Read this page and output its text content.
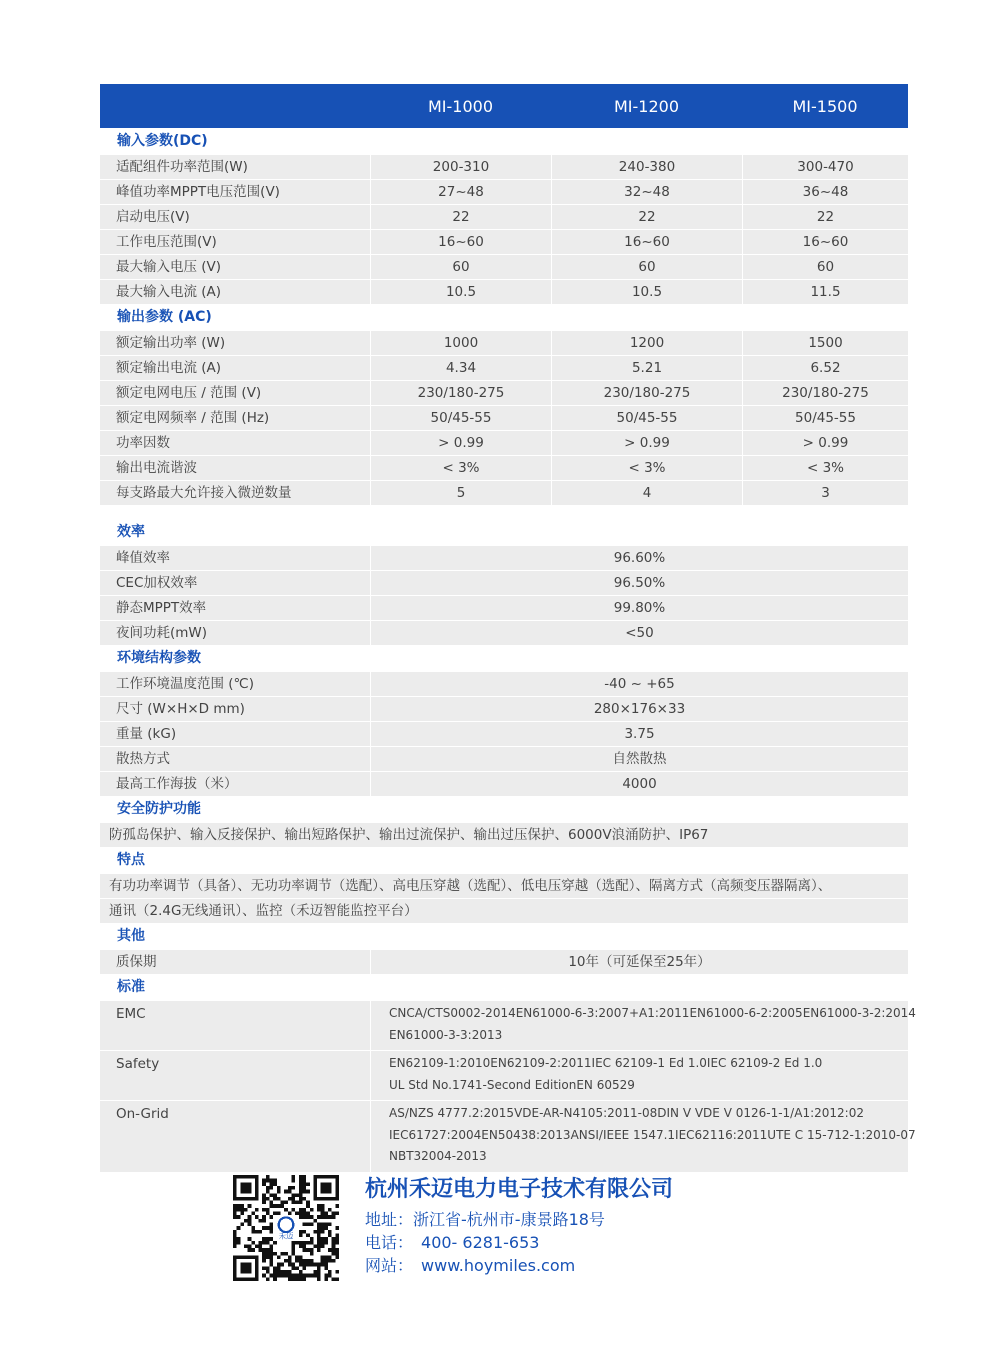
MI-1000	MI-1200	MI-1500
输入参数(DC)
适配组件功率范围(W)	200-310	240-380	300-470
峰值功率MPPT电压范围(V)	27~48	32~48	36~48
启动电压(V)	22	22	22
工作电压范围(V)	16~60	16~60	16~60
最大输入电压 (V)	60	60	60
最大输入电流 (A)	10.5	10.5	11.5
输出参数 (AC)
额定输出功率 (W)	1000	1200	1500
额定输出电流 (A)	4.34	5.21	6.52
额定电网电压 / 范围 (V)	230/180-275	230/180-275	230/180-275
额定电网频率 / 范围 (Hz)	50/45-55	50/45-55	50/45-55
功率因数	> 0.99	> 0.99	> 0.99
输出电流谐波	< 3%	< 3%	< 3%
每支路最大允许接入微逆数量	5	4	3
效率
峰值效率	96.60%
CEC加权效率	96.50%
静态MPPT效率	99.80%
夜间功耗(mW)	<50
环境结构参数
工作环境温度范围 (℃)	-40 ~ +65
尺寸 (W×H×D mm)	280×176×33
重量 (kG)	3.75
散热方式	自然散热
最高工作海拔（米）	4000
安全防护功能
防孤岛保护、输入反接保护、输出短路保护、输出过流保护、输出过压保护、6000V浪涌防护、IP67
特点
有功功率调节（具备）、无功功率调节（选配）、高电压穿越（选配）、低电压穿越（选配）、隔离方式（高频变压器隔离）、
通讯（2.4G无线通讯）、监控（禾迈智能监控平台）
其他
质保期	10年（可延保至25年）
标准
EMC	CNCA/CTS0002-2014EN61000-6-3:2007+A1:2011EN61000-6-2:2005EN61000-3-2:2014
EN61000-3-3:2013
Safety	EN62109-1:2010EN62109-2:2011IEC 62109-1 Ed 1.0IEC 62109-2 Ed 1.0
UL Std No.1741-Second EditionEN 60529
On-Grid	AS/NZS 4777.2:2015VDE-AR-N4105:2011-08DIN V VDE V 0126-1-1/A1:2012:02
IEC61727:2004EN50438:2013ANSI/IEEE 1547.1IEC62116:2011UTE C 15-712-1:2010-07
NBT32004-2013
禾迈
杭州禾迈电力电子技术有限公司
地址：浙江省-杭州市-康景路18号
电话： 400- 6281-653
网站： www.hoymiles.com
